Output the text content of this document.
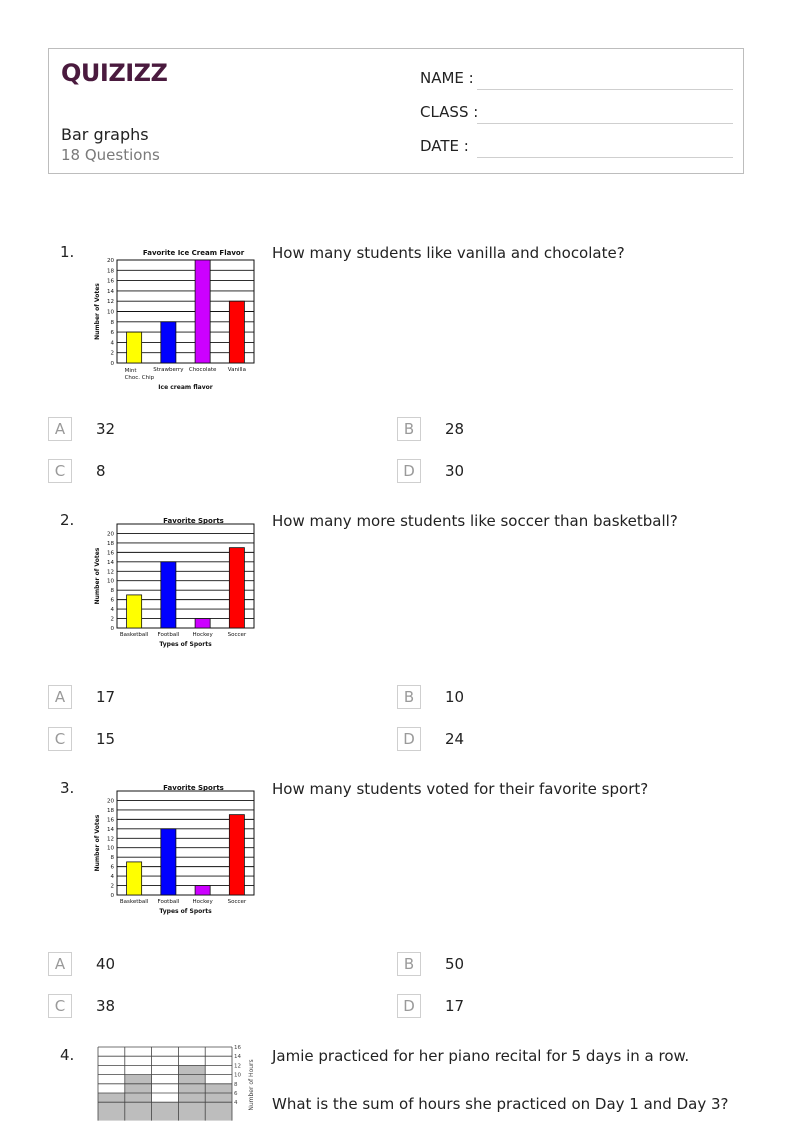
QUIZIZZ
Bar graphs
18 Questions
NAME :
CLASS :
DATE :
1.	How many students like vanilla and chocolate?
Favorite Ice Cream Flavor
0
2
4
6
8
10
12
14
16
18
20
Number of Votes
Mint
Choc. Chip
Strawberry Chocolate Vanilla
Ice cream flavor
A	32	B	28
C	8	D	30
2.	How many more students like soccer than basketball?
Favorite Sports
0
2
4
6
8
10
12
14
16
18
20
Number of Votes
Basketball Football Hockey	Soccer
Types of Sports
A	17	B	10
C	15	D	24
3.	How many students voted for their favorite sport?
Favorite Sports
0
2
4
6
8
10
12
14
16
18
20
Number of Votes
Basketball Football Hockey	Soccer
Types of Sports
A	40	B	50
C	38	D	17
4.	Jamie practiced for her piano recital for 5 days in a row.
What is the sum of hours she practiced on Day 1 and Day 3?
4
6
8
10
12
14
16
Number of Hours
